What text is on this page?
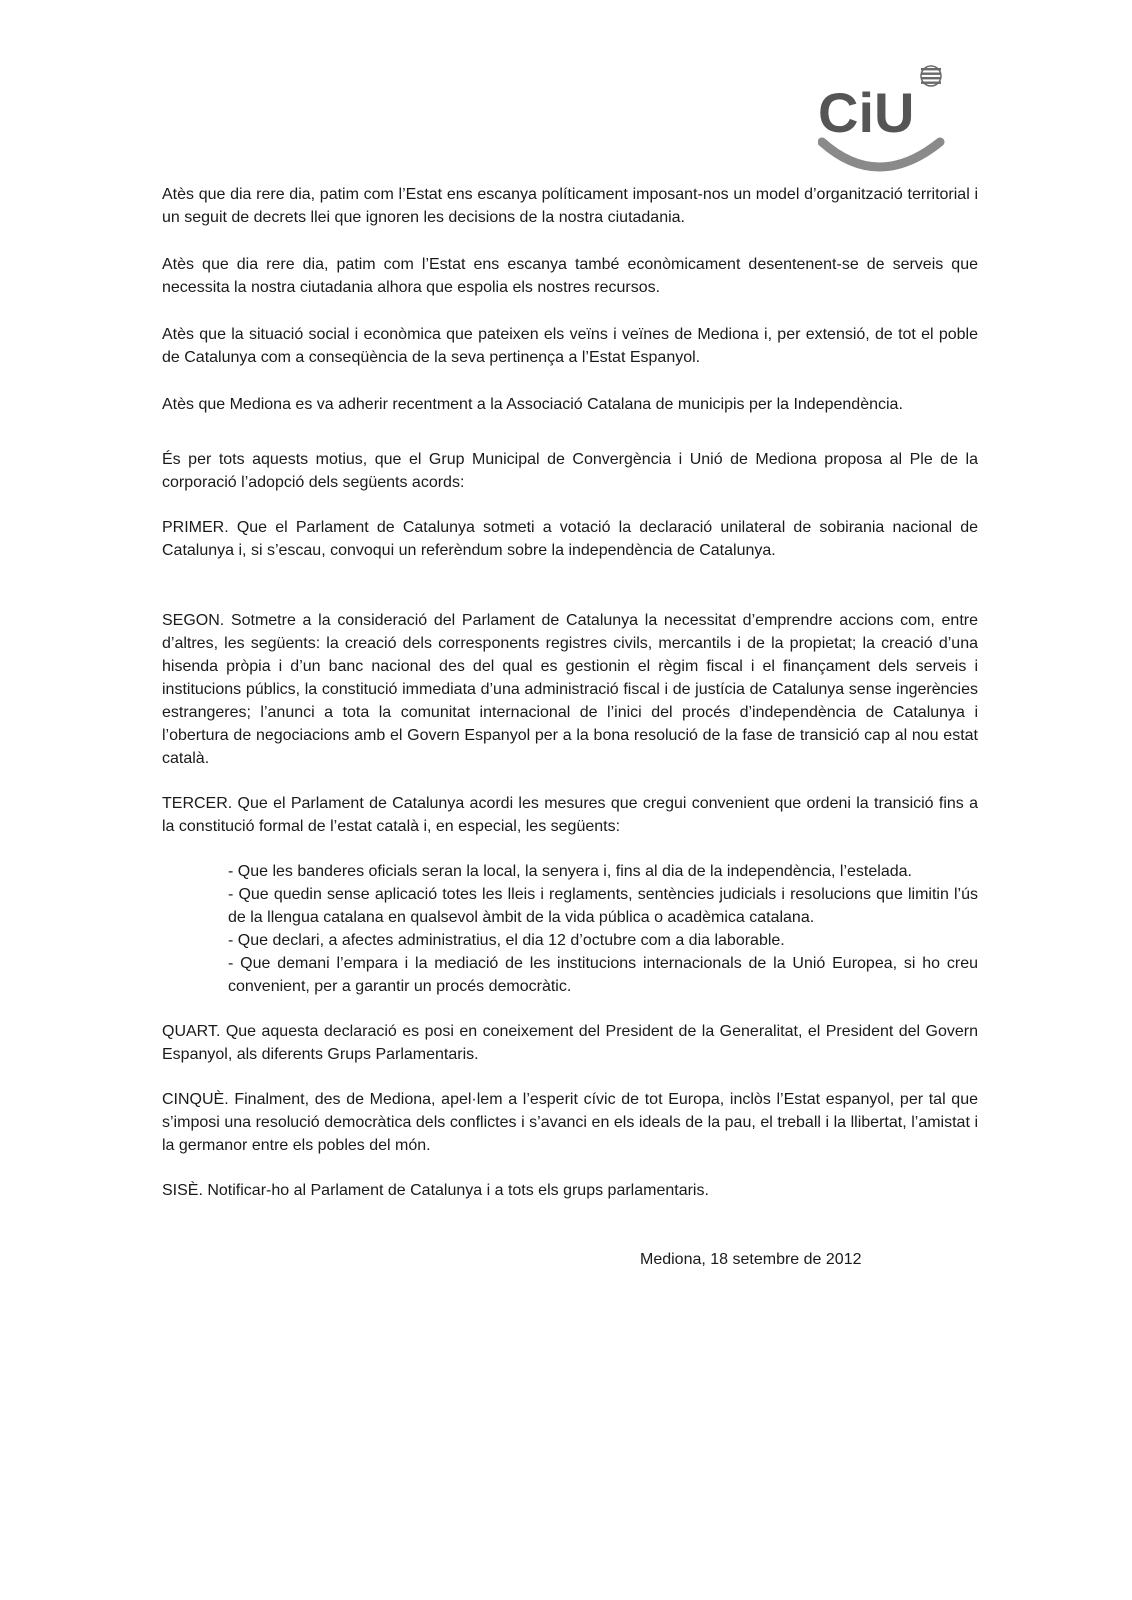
CiU

Atès que dia rere dia, patim com l’Estat ens escanya políticament imposant-nos un model d’organització territorial i un seguit de decrets llei que ignoren les decisions de la nostra ciutadania.

Atès que dia rere dia, patim com l’Estat ens escanya també econòmicament desentenent-se de serveis que necessita la nostra ciutadania alhora que espolia els nostres recursos.

Atès que la situació social i econòmica que pateixen els veïns i veïnes de Mediona i, per extensió, de tot el poble de Catalunya com a conseqüència de la seva pertinença a l’Estat Espanyol.

Atès que Mediona es va adherir recentment a la Associació Catalana de municipis per la Independència.

És per tots aquests motius, que el Grup Municipal de Convergència i Unió de Mediona proposa al Ple de la corporació l’adopció dels següents acords:

PRIMER. Que el Parlament de Catalunya sotmeti a votació la declaració unilateral de sobirania nacional de Catalunya i, si s’escau, convoqui un referèndum sobre la independència de Catalunya.

SEGON. Sotmetre a la consideració del Parlament de Catalunya la necessitat d’emprendre accions com, entre d’altres, les següents: la creació dels corresponents registres civils, mercantils i de la propietat; la creació d’una hisenda pròpia i d’un banc nacional des del qual es gestionin el règim fiscal i el finançament dels serveis i institucions públics, la constitució immediata d’una administració fiscal i de justícia de Catalunya sense ingerències estrangeres; l’anunci a tota la comunitat internacional de l’inici del procés d’independència de Catalunya i l’obertura de negociacions amb el Govern Espanyol per a la bona resolució de la fase de transició cap al nou estat català.

TERCER. Que el Parlament de Catalunya acordi les mesures que cregui convenient que ordeni la transició fins a la constitució formal de l’estat català i, en especial, les següents:

- Que les banderes oficials seran la local, la senyera i, fins al dia de la independència, l’estelada.
- Que quedin sense aplicació totes les lleis i reglaments, sentències judicials i resolucions que limitin l’ús de la llengua catalana en qualsevol àmbit de la vida pública o acadèmica catalana.
- Que declari, a afectes administratius, el dia 12 d’octubre com a dia laborable.
- Que demani l’empara i la mediació de les institucions internacionals de la Unió Europea, si ho creu convenient, per a garantir un procés democràtic.

QUART. Que aquesta declaració es posi en coneixement del President de la Generalitat, el President del Govern Espanyol, als diferents Grups Parlamentaris.

CINQUÈ. Finalment, des de Mediona, apel·lem a l’esperit cívic de tot Europa, inclòs l’Estat espanyol, per tal que s’imposi una resolució democràtica dels conflictes i s’avanci en els ideals de la pau, el treball i la llibertat, l’amistat i la germanor entre els pobles del món.

SISÈ. Notificar-ho al Parlament de Catalunya i a tots els grups parlamentaris.

Mediona, 18 setembre de 2012
